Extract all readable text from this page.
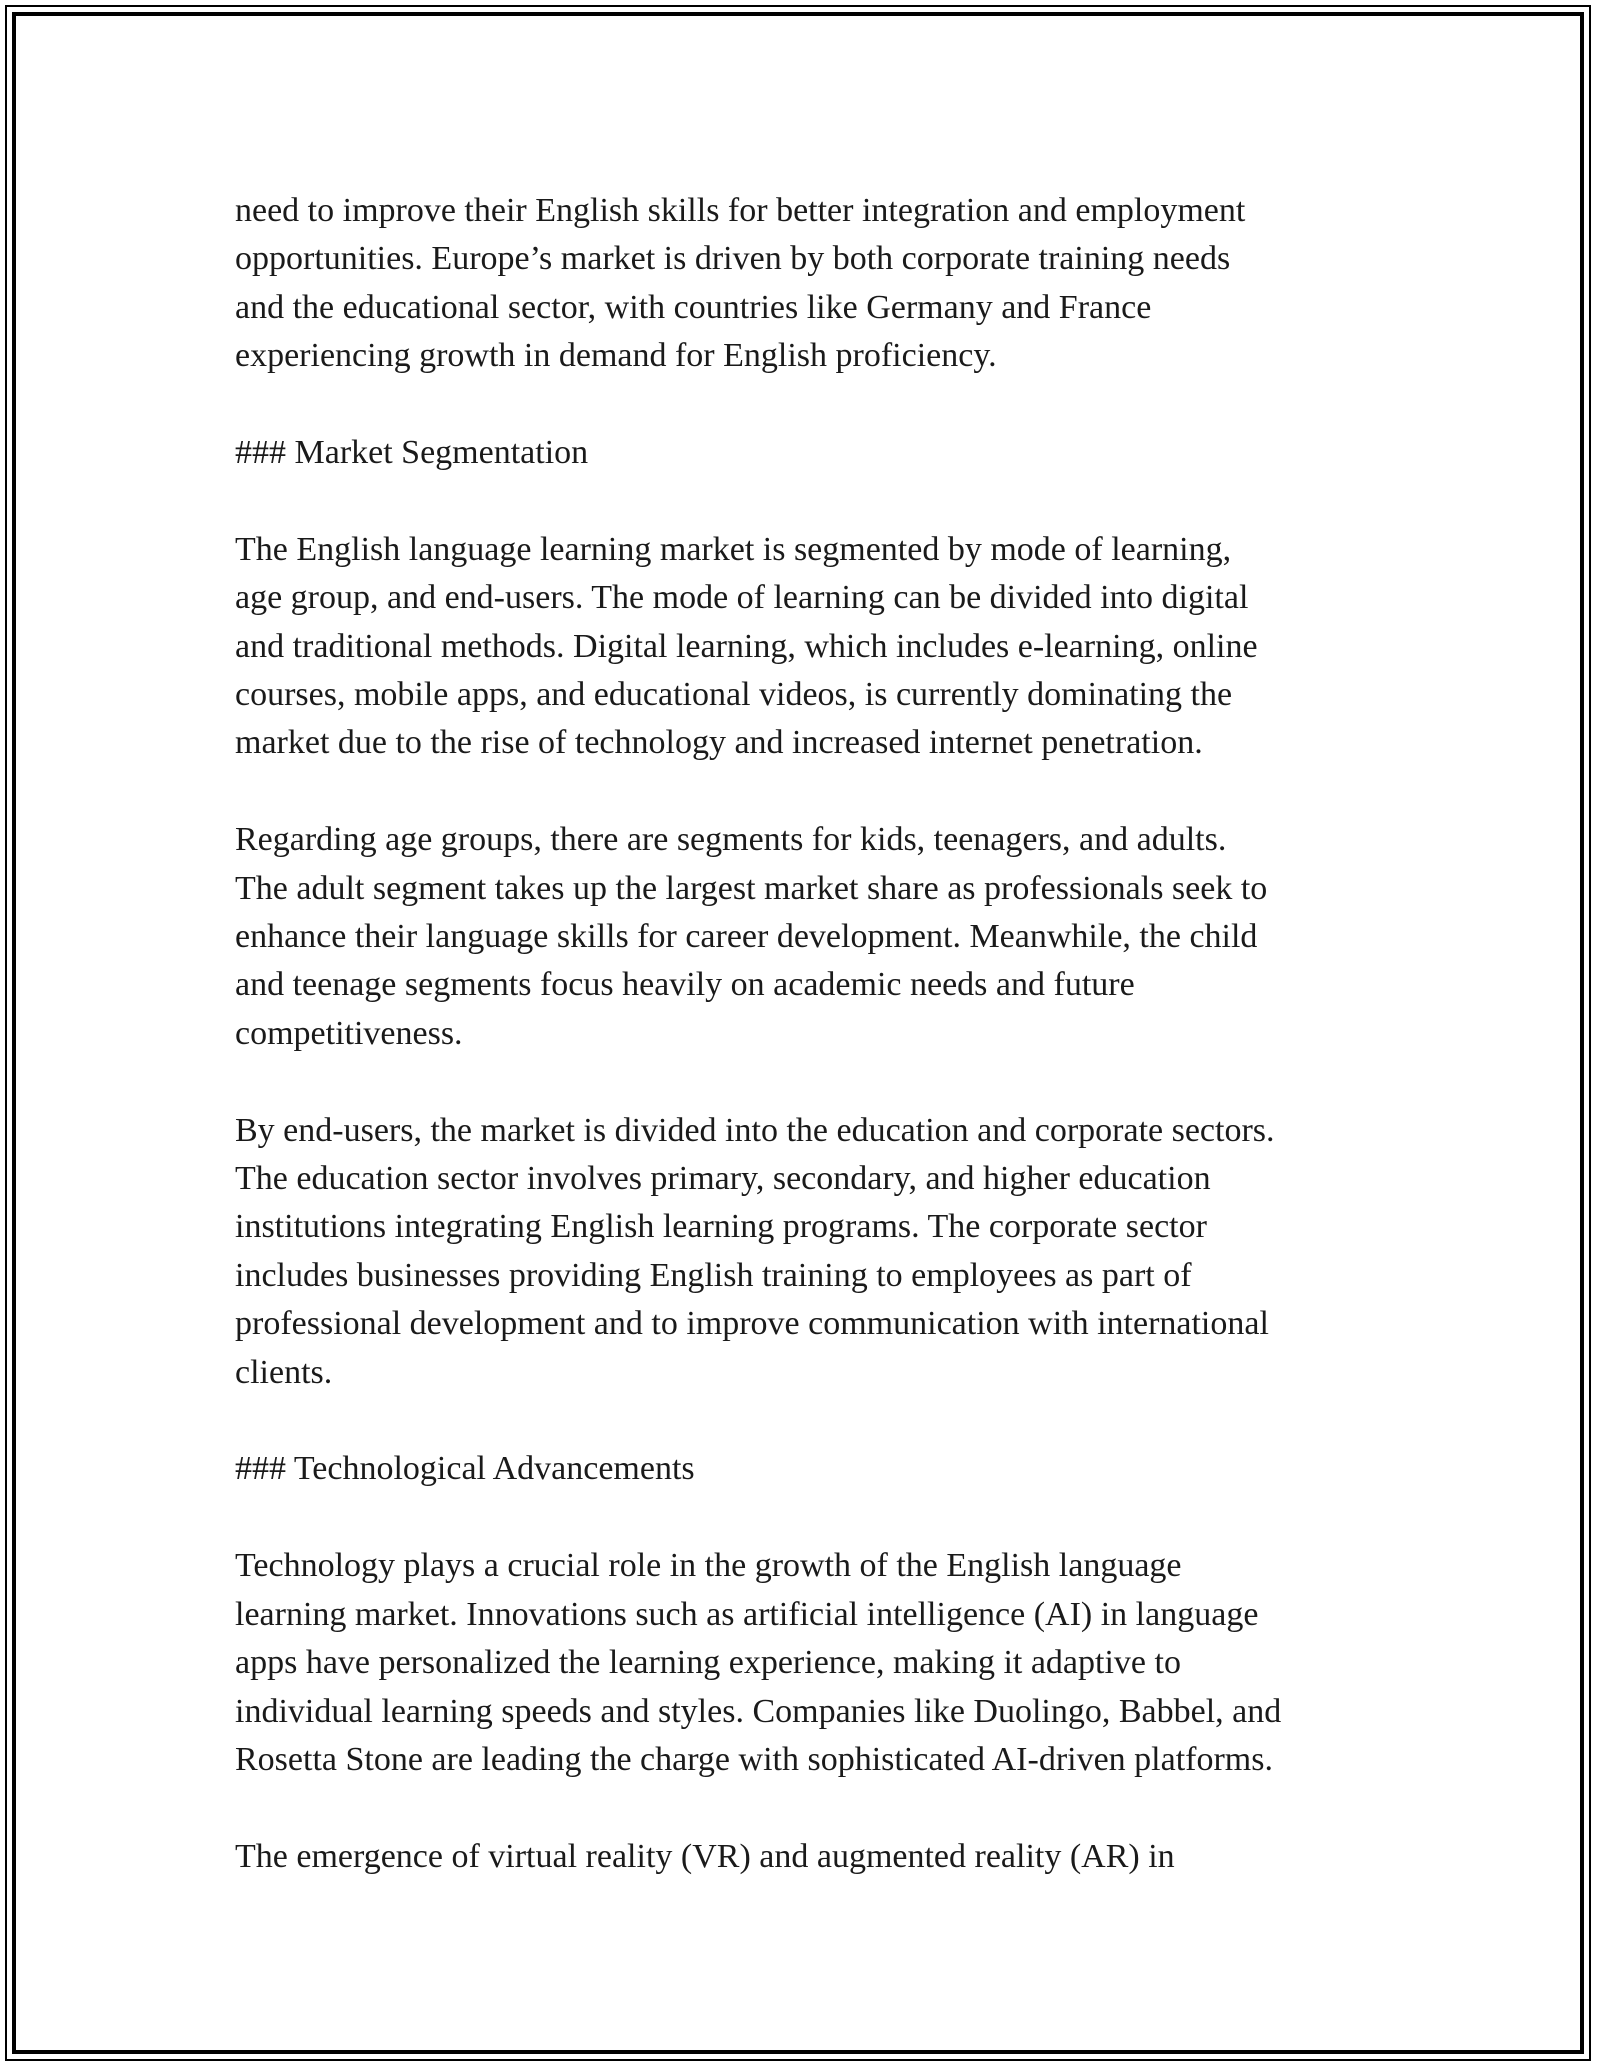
need to improve their English skills for better integration and employment
opportunities. Europe’s market is driven by both corporate training needs
and the educational sector, with countries like Germany and France
experiencing growth in demand for English proficiency.

### Market Segmentation

The English language learning market is segmented by mode of learning,
age group, and end-users. The mode of learning can be divided into digital
and traditional methods. Digital learning, which includes e-learning, online
courses, mobile apps, and educational videos, is currently dominating the
market due to the rise of technology and increased internet penetration.

Regarding age groups, there are segments for kids, teenagers, and adults.
The adult segment takes up the largest market share as professionals seek to
enhance their language skills for career development. Meanwhile, the child
and teenage segments focus heavily on academic needs and future
competitiveness.

By end-users, the market is divided into the education and corporate sectors.
The education sector involves primary, secondary, and higher education
institutions integrating English learning programs. The corporate sector
includes businesses providing English training to employees as part of
professional development and to improve communication with international
clients.

### Technological Advancements

Technology plays a crucial role in the growth of the English language
learning market. Innovations such as artificial intelligence (AI) in language
apps have personalized the learning experience, making it adaptive to
individual learning speeds and styles. Companies like Duolingo, Babbel, and
Rosetta Stone are leading the charge with sophisticated AI-driven platforms.

The emergence of virtual reality (VR) and augmented reality (AR) in
